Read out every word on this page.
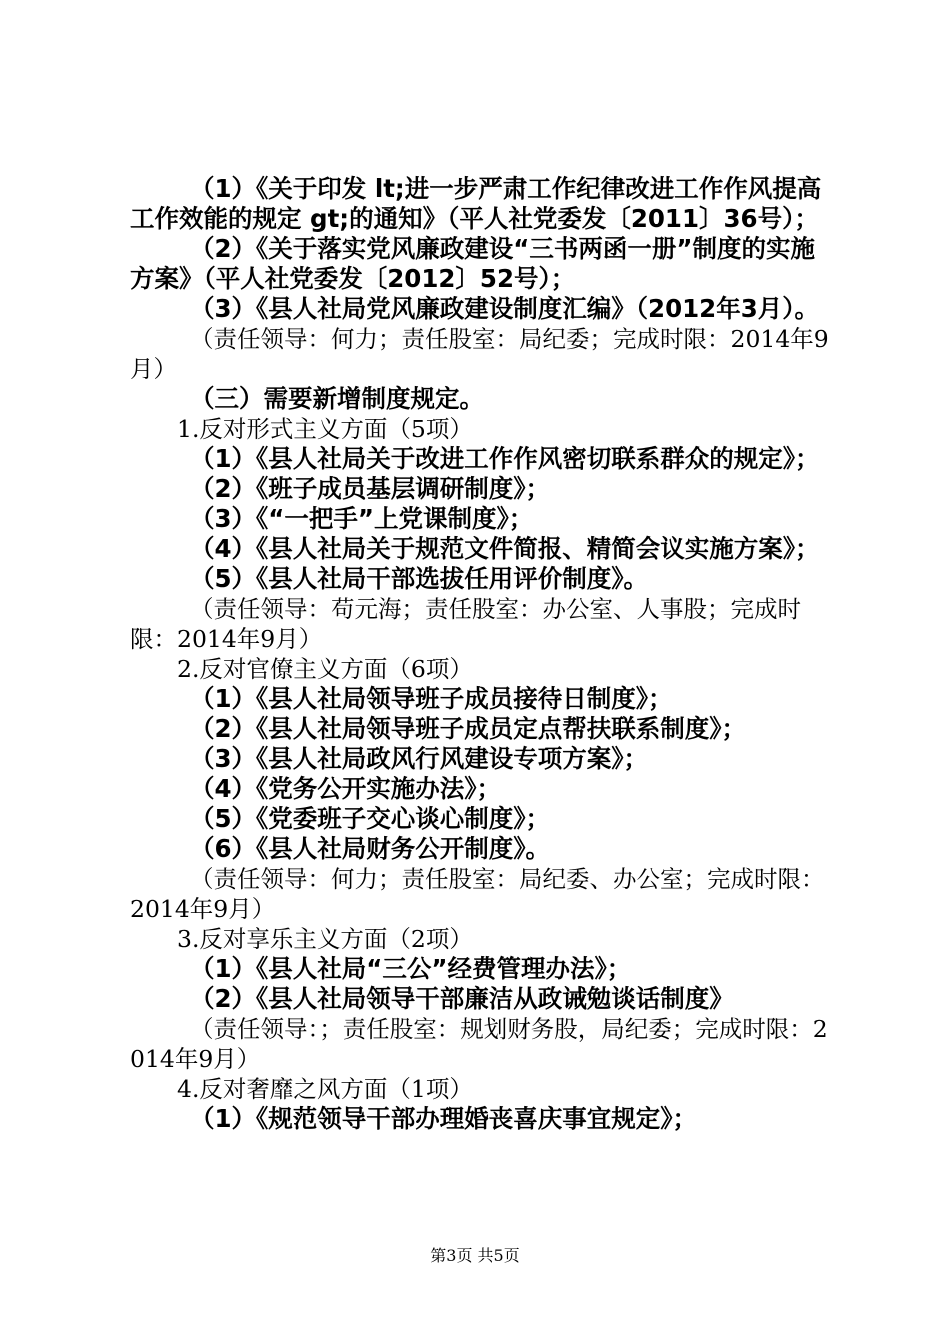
（1）《关于印发 lt;进一步严肃工作纪律改进工作作风提高工作效能的规定 gt;的通知》（平人社党委发〔2011〕36号）；

（2）《关于落实党风廉政建设“三书两函一册”制度的实施方案》（平人社党委发〔2012〕52号）；

（3）《县人社局党风廉政建设制度汇编》（2012年3月）。

（责任领导：何力；责任股室：局纪委；完成时限：2014年9月）

（三）需要新增制度规定。

1.反对形式主义方面（5项）

（1）《县人社局关于改进工作作风密切联系群众的规定》；

（2）《班子成员基层调研制度》；

（3）《“一把手”上党课制度》；

（4）《县人社局关于规范文件简报、精简会议实施方案》；

（5）《县人社局干部选拔任用评价制度》。

（责任领导：苟元海；责任股室：办公室、人事股；完成时限：2014年9月）

2.反对官僚主义方面（6项）

（1）《县人社局领导班子成员接待日制度》；

（2）《县人社局领导班子成员定点帮扶联系制度》；

（3）《县人社局政风行风建设专项方案》；

（4）《党务公开实施办法》；

（5）《党委班子交心谈心制度》；

（6）《县人社局财务公开制度》。

（责任领导：何力；责任股室：局纪委、办公室；完成时限：2014年9月）

3.反对享乐主义方面（2项）

（1）《县人社局“三公”经费管理办法》；

（2）《县人社局领导干部廉洁从政诫勉谈话制度》

（责任领导：；责任股室：规划财务股，局纪委；完成时限：2014年9月）

4.反对奢靡之风方面（1项）

（1）《规范领导干部办理婚丧喜庆事宜规定》；

第3页 共5页
